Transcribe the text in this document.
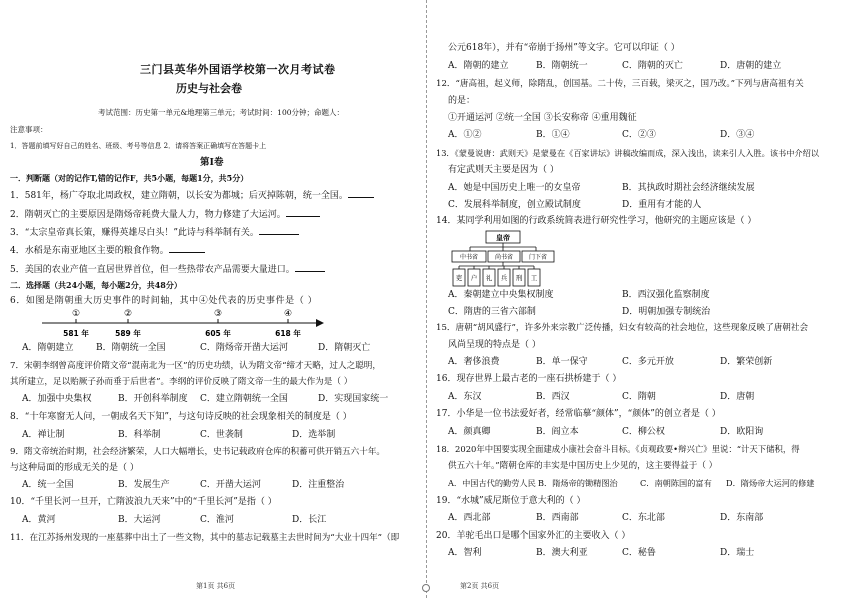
三门县英华外国语学校第一次月考试卷
历史与社会卷
考试范围：历史第一单元&地理第三单元；考试时间：100分钟；命题人：
注意事项：
1．答题前填写好自己的姓名、班级、考号等信息 2．请将答案正确填写在答题卡上
第Ⅰ卷
一．判断题（对的记作T,错的记作F，共5小题，每题1分，共5分）
1．581年，杨广夺取北周政权，建立隋朝，以长安为都城；后灭掉陈朝，统一全国。
2．隋朝灭亡的主要原因是隋炀帝耗费大量人力，物力修建了大运河。
3．“太宗皇帝真长策，赚得英雄尽白头！”此诗与科举制有关。
4．水稻是东南亚地区主要的粮食作物。
5．美国的农业产值一直居世界首位，但一些热带农产品需要大量进口。
二．选择题（共24小题，每小题2分，共48分）
6．如图是隋朝重大历史事件的时间轴，其中④处代表的历史事件是（ ）
①
581 年
②
589 年
③
605 年
④
618 年
A．隋朝建立	B．隋朝统一全国	C．隋炀帝开凿大运河	D．隋朝灭亡
7．宋朝李纲曾高度评价隋文帝“混南北为一区”的历史功绩，认为隋文帝“缔才天略，过人之聪明，
其所建立，足以贻厥子孙而垂于后世者”。李纲的评价反映了隋文帝一生的最大作为是（ ）
A．加强中央集权	B．开创科举制度 C．建立隋朝统一全国	D．实现国家统一
8．“十年寒窗无人问，一朝成名天下知”，与这句诗反映的社会现象相关的制度是（ ）
A．禅让制	B．科举制	C．世袭制	D．选举制
9．隋文帝统治时期，社会经济繁荣，人口大幅增长，史书记载政府仓库的积蓄可供开销五六十年。
与这种局面的形成无关的是（ ）
A．统一全国	B．发展生产	C．开凿大运河	D．注重整治
10．“千里长河一旦开，亡隋波浪九天来”中的“千里长河”是指（ ）
A．黄河	B．大运河	C．淮河	D．长江
11．在江苏扬州发现的一座墓葬中出土了一些文物，其中的墓志记载墓主去世时间为“大业十四年”（即
第1页 共6页
公元618年），并有“帝崩于扬州”等文字。它可以印证（ ）
A．隋朝的建立	B．隋朝统一	C．隋朝的灭亡	D．唐朝的建立
12．“唐高祖，起义师，除隋乱，创国基。二十传，三百载，梁灭之，国乃改。”下列与唐高祖有关
的是：
①开通运河 ②统一全国 ③长安称帝 ④重用魏征
A．①②	B．①④	C．②③	D．③④
13．《蒙曼说唐：武则天》是蒙曼在《百家讲坛》讲稿改编而成，深入浅出，读来引人入胜。该书中介绍以
有定武则天主要是因为（ ）
A．她是中国历史上唯一的女皇帝	B．其执政时期社会经济继续发展
C．发展科举制度，创立殿试制度	D．重用有才能的人
14．某同学利用如图的行政系统简表进行研究性学习，他研究的主题应该是（ ）
皇帝
中书省	尚书省	门下省
吏 户 礼 兵 刑 工
A．秦朝建立中央集权制度	B．西汉强化监察制度
C．隋唐的三省六部制	D．明朝加强专制统治
15．唐朝“胡风盛行”，许多外来宗教广泛传播，妇女有较高的社会地位，这些现象反映了唐朝社会
风尚呈现的特点是（ ）
A．奢侈浪费	B．单一保守	C．多元开放	D．繁荣创新
16．现存世界上最古老的一座石拱桥建于（ ）
A．东汉	B．西汉	C．隋朝	D．唐朝
17．小华是一位书法爱好者，经常临摹“颜体”，“颜体”的创立者是（ ）
A．颜真卿	B．阎立本	C．柳公权	D．欧阳询
18．2020年中国要实现全面建成小康社会奋斗目标。《贞观政要•辩兴亡》里说：“计天下储积，得
供五六十年。”隋朝仓库的丰实是中国历史上少见的，这主要得益于（ ）
A．中国古代的勤劳人民 B．隋炀帝的锄精图治	C．南朝陈国的富有 D．隋炀帝大运河的修建
19．“水城”威尼斯位于意大利的（ ）
A．西北部	B．西南部	C．东北部	D．东南部
20．羊驼毛出口是哪个国家外汇的主要收入（ ）
A．智利	B．澳大利亚	C．秘鲁	D．瑞士
第2页 共6页
